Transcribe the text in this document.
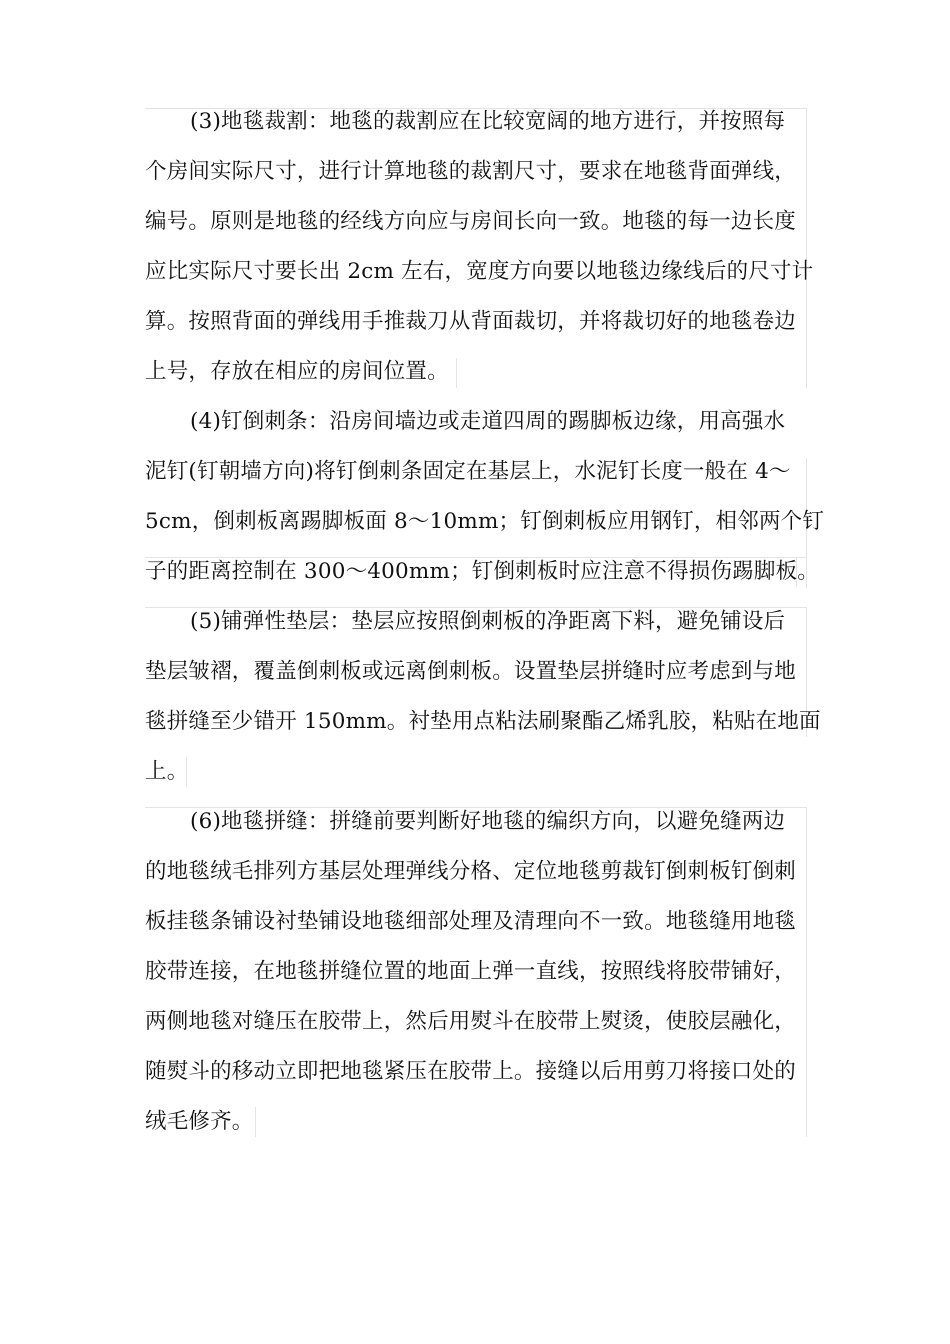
(3)地毯裁割：地毯的裁割应在比较宽阔的地方进行，并按照每
个房间实际尺寸，进行计算地毯的裁割尺寸，要求在地毯背面弹线，
编号。原则是地毯的经线方向应与房间长向一致。地毯的每一边长度
应比实际尺寸要长出 2cm 左右，宽度方向要以地毯边缘线后的尺寸计
算。按照背面的弹线用手推裁刀从背面裁切，并将裁切好的地毯卷边
上号，存放在相应的房间位置。
(4)钉倒刺条：沿房间墙边或走道四周的踢脚板边缘，用高强水
泥钉(钉朝墙方向)将钉倒刺条固定在基层上，水泥钉长度一般在 4～
5cm，倒刺板离踢脚板面 8～10mm；钉倒刺板应用钢钉，相邻两个钉
子的距离控制在 300～400mm；钉倒刺板时应注意不得损伤踢脚板。
(5)铺弹性垫层：垫层应按照倒刺板的净距离下料，避免铺设后
垫层皱褶，覆盖倒刺板或远离倒刺板。设置垫层拼缝时应考虑到与地
毯拼缝至少错开 150mm。衬垫用点粘法刷聚酯乙烯乳胶，粘贴在地面
上。
(6)地毯拼缝：拼缝前要判断好地毯的编织方向，以避免缝两边
的地毯绒毛排列方基层处理弹线分格、定位地毯剪裁钉倒刺板钉倒刺
板挂毯条铺设衬垫铺设地毯细部处理及清理向不一致。地毯缝用地毯
胶带连接，在地毯拼缝位置的地面上弹一直线，按照线将胶带铺好，
两侧地毯对缝压在胶带上，然后用熨斗在胶带上熨烫，使胶层融化，
随熨斗的移动立即把地毯紧压在胶带上。接缝以后用剪刀将接口处的
绒毛修齐。
